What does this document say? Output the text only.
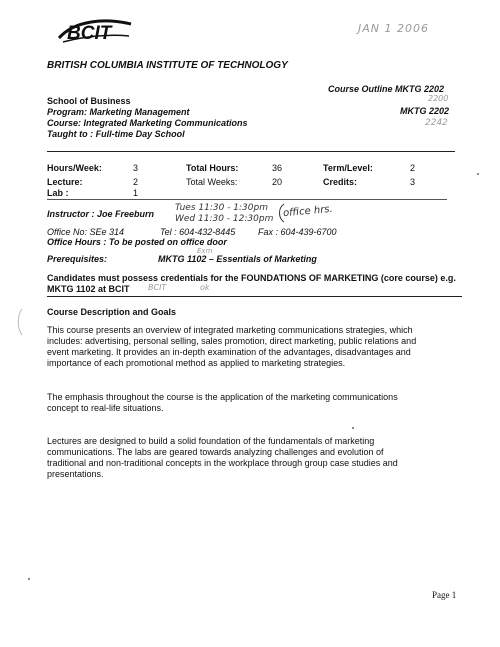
BCIT	JAN 1 2006
BRITISH COLUMBIA INSTITUTE OF TECHNOLOGY
School of Business
Program: Marketing Management
Course: Integrated Marketing Communications
Taught to : Full-time Day School
Course Outline MKTG 2202
2200
MKTG 2202
2242
Hours/Week:	3	Total Hours:	36	Term/Level:	2
Lecture:	2	Total Weeks:	20	Credits:	3
Lab :	1
Instructor : Joe Freeburn
Tues 11:30 - 1:30pm
Wed 11:30 - 12:30pm office hrs.
Office No: SEe 314	Tel : 604-432-8445	Fax : 604-439-6700
Office Hours : To be posted on office door
Prerequisites:	MKTG 1102 – Essentials of Marketing
Exm
Candidates must possess credentials for the FOUNDATIONS OF MARKETING (core course) e.g.
MKTG 1102 at BCIT BCIT	ok
Course Description and Goals
This course presents an overview of integrated marketing communications strategies, which
includes: advertising, personal selling, sales promotion, direct marketing, public relations and
event marketing. It provides an in-depth examination of the advantages, disadvantages and
importance of each promotional method as applied to marketing strategies.
The emphasis throughout the course is the application of the marketing communications
concept to real-life situations.
Lectures are designed to build a solid foundation of the fundamentals of marketing
communications. The labs are geared towards analyzing challenges and evolution of
traditional and non-traditional concepts in the workplace through group case studies and
presentations.
Page 1
